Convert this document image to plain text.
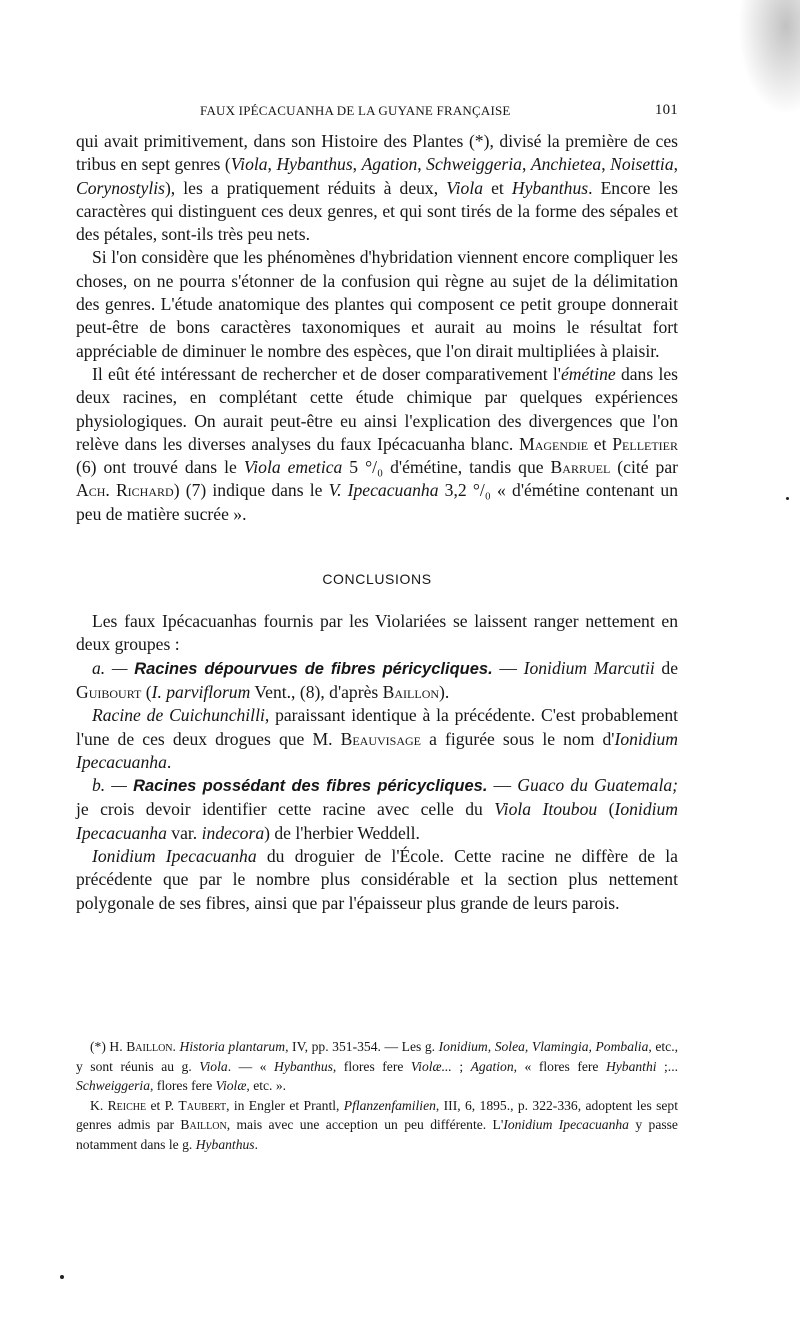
FAUX IPÉCACUANHA DE LA GUYANE FRANÇAISE	101

qui avait primitivement, dans son Histoire des Plantes (*), divisé la première de ces tribus en sept genres (Viola, Hybanthus, Agation, Schweiggeria, Anchietea, Noisettia, Corynostylis), les a pratiquement réduits à deux, Viola et Hybanthus. Encore les caractères qui distinguent ces deux genres, et qui sont tirés de la forme des sépales et des pétales, sont-ils très peu nets.

Si l'on considère que les phénomènes d'hybridation viennent encore compliquer les choses, on ne pourra s'étonner de la confusion qui règne au sujet de la délimitation des genres. L'étude anatomique des plantes qui composent ce petit groupe donnerait peut-être de bons caractères taxonomiques et aurait au moins le résultat fort appréciable de diminuer le nombre des espèces, que l'on dirait multipliées à plaisir.

Il eût été intéressant de rechercher et de doser comparativement l'émétine dans les deux racines, en complétant cette étude chimique par quelques expériences physiologiques. On aurait peut-être eu ainsi l'explication des divergences que l'on relève dans les diverses analyses du faux Ipécacuanha blanc. Magendie et Pelletier (6) ont trouvé dans le Viola emetica 5 °/₀ d'émétine, tandis que Barruel (cité par Ach. Richard) (7) indique dans le V. Ipecacuanha 3,2 °/₀ « d'émétine contenant un peu de matière sucrée ».

CONCLUSIONS

Les faux Ipécacuanhas fournis par les Violariées se laissent ranger nettement en deux groupes :

a. — Racines dépourvues de fibres péricycliques. — Ionidium Marcutii de Guibourt (I. parviflorum Vent., (8), d'après Baillon).

Racine de Cuichunchilli, paraissant identique à la précédente. C'est probablement l'une de ces deux drogues que M. Beauvisage a figurée sous le nom d'Ionidium Ipecacuanha.

b. — Racines possédant des fibres péricycliques. — Guaco du Guatemala; je crois devoir identifier cette racine avec celle du Viola Itoubou (Ionidium Ipecacuanha var. indecora) de l'herbier Weddell.

Ionidium Ipecacuanha du droguier de l'École. Cette racine ne diffère de la précédente que par le nombre plus considérable et la section plus nettement polygonale de ses fibres, ainsi que par l'épaisseur plus grande de leurs parois.

(*) H. Baillon. Historia plantarum, IV, pp. 351-354. — Les g. Ionidium, Solea, Vlamingia, Pombalia, etc., y sont réunis au g. Viola. — « Hybanthus, flores fere Violæ... ; Agation, « flores fere Hybanthi ;... Schweiggeria, flores fere Violæ, etc. ».

K. Reiche et P. Taubert, in Engler et Prantl, Pflanzenfamilien, III, 6, 1895., p. 322-336, adoptent les sept genres admis par Baillon, mais avec une acception un peu différente. L'Ionidium Ipecacuanha y passe notamment dans le g. Hybanthus.
